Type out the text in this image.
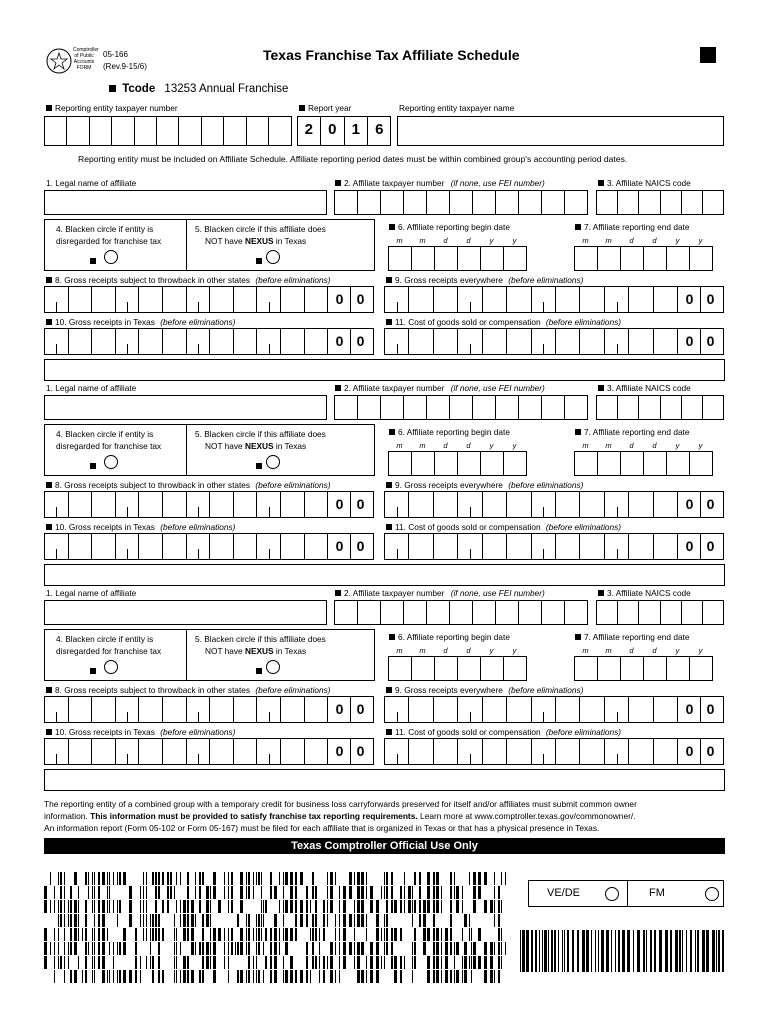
Comptroller
of Public
Accounts
FORM
05-166
(Rev.9-15/6)
Texas Franchise Tax Affiliate Schedule
Tcode 13253 Annual Franchise
Reporting entity taxpayer number	Report year
2	0	1	6
Reporting entity taxpayer name
Reporting entity must be included on Affiliate Schedule. Affiliate reporting period dates must be within combined group's accounting period dates.
1. Legal name of affiliate	2. Affiliate taxpayer number (if none, use FEI number)	3. Affiliate NAICS code
4. Blacken circle if entity is
disregarded for franchise tax
5. Blacken circle if this affiliate does
NOT have NEXUS in Texas
6. Affiliate reporting begin date
m	m	d	d	y	y
7. Affiliate reporting end date
m	m	d	d	y	y
8. Gross receipts subject to throwback in other states (before eliminations)
0 0
9. Gross receipts everywhere (before eliminations)
0 0
10. Gross receipts in Texas (before eliminations)
0 0
11. Cost of goods sold or compensation (before eliminations)
0 0
1. Legal name of affiliate	2. Affiliate taxpayer number (if none, use FEI number)	3. Affiliate NAICS code
4. Blacken circle if entity is
disregarded for franchise tax
5. Blacken circle if this affiliate does
NOT have NEXUS in Texas
6. Affiliate reporting begin date
m	m	d	d	y	y
7. Affiliate reporting end date
m	m	d	d	y	y
8. Gross receipts subject to throwback in other states (before eliminations)
0 0
9. Gross receipts everywhere (before eliminations)
0 0
10. Gross receipts in Texas (before eliminations)
0 0
11. Cost of goods sold or compensation (before eliminations)
0 0
1. Legal name of affiliate	2. Affiliate taxpayer number (if none, use FEI number)	3. Affiliate NAICS code
4. Blacken circle if entity is
disregarded for franchise tax
5. Blacken circle if this affiliate does
NOT have NEXUS in Texas
6. Affiliate reporting begin date
m	m	d	d	y	y
7. Affiliate reporting end date
m	m	d	d	y	y
8. Gross receipts subject to throwback in other states (before eliminations)
0 0
9. Gross receipts everywhere (before eliminations)
0 0
10. Gross receipts in Texas (before eliminations)
0 0
11. Cost of goods sold or compensation (before eliminations)
0 0
The reporting entity of a combined group with a temporary credit for business loss carryforwards preserved for itself and/or affiliates must submit common owner
information. This information must be provided to satisfy franchise tax reporting requirements. Learn more at www.comptroller.texas.gov/commonowner/.
An information report (Form 05-102 or Form 05-167) must be filed for each affiliate that is organized in Texas or that has a physical presence in Texas.
Texas Comptroller Official Use Only
VE/DE	FM
